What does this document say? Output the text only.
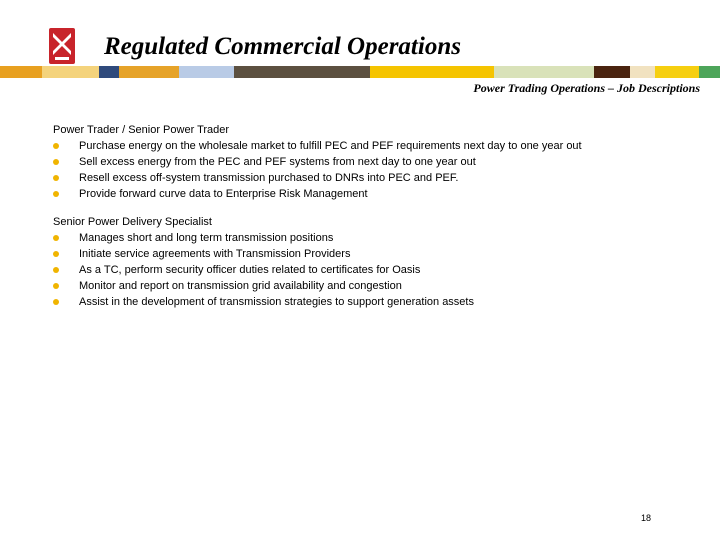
Regulated Commercial Operations
Power Trading Operations – Job Descriptions
Power Trader / Senior Power Trader
Purchase energy on the wholesale market to fulfill PEC and PEF requirements next day to one year out
Sell excess energy from the PEC and PEF systems from next day to one year out
Resell excess off-system transmission purchased to DNRs into PEC and PEF.
Provide forward curve data to Enterprise Risk Management
Senior Power Delivery Specialist
Manages short and long term transmission positions
Initiate service agreements with Transmission Providers
As a TC, perform security officer duties related to certificates for Oasis
Monitor and report on transmission grid availability and congestion
Assist in the development of transmission strategies to support generation assets
18
